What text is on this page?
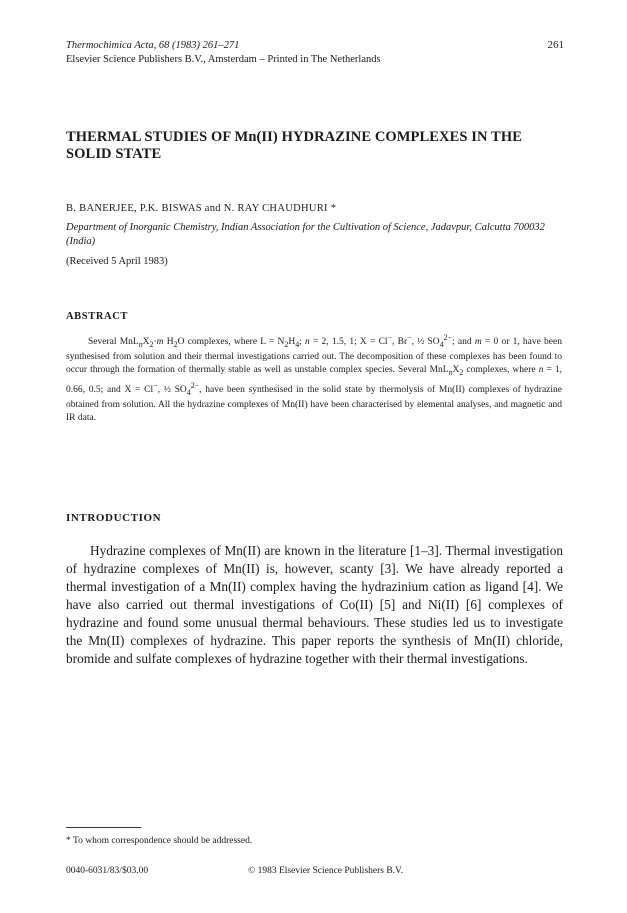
Thermochimica Acta, 68 (1983) 261–271

Elsevier Science Publishers B.V., Amsterdam – Printed in The Netherlands

261

THERMAL STUDIES OF Mn(II) HYDRAZINE COMPLEXES IN THE SOLID STATE

B. BANERJEE, P.K. BISWAS and N. RAY CHAUDHURI *

Department of Inorganic Chemistry, Indian Association for the Cultivation of Science, Jadavpur, Calcutta 700032 (India)

(Received 5 April 1983)

ABSTRACT

Several $MnL_nX_2\cdot m$ $H_2O$ complexes, where $L = N_2H_4$; n = 2, 1.5, 1; X = Cl−, Br−, ½ $SO_4^{2-}$; and m = 0 or 1, have been synthesised from solution and their thermal investigations carried out. The decomposition of these complexes has been found to occur through the formation of thermally stable as well as unstable complex species. Several $MnL_nX_2$ complexes, where n = 1, 0.66, 0.5; and X = Cl−, ½ $SO_4^{2-}$, have been synthesised in the solid state by thermolysis of Mn(II) complexes of hydrazine obtained from solution. All the hydrazine complexes of Mn(II) have been characterised by elemental analyses, and magnetic and IR data.

INTRODUCTION

Hydrazine complexes of Mn(II) are known in the literature [1–3]. Thermal investigation of hydrazine complexes of Mn(II) is, however, scanty [3]. We have already reported a thermal investigation of a Mn(II) complex having the hydrazinium cation as ligand [4]. We have also carried out thermal investigations of Co(II) [5] and Ni(II) [6] complexes of hydrazine and found some unusual thermal behaviours. These studies led us to investigate the Mn(II) complexes of hydrazine. This paper reports the synthesis of Mn(II) chloride, bromide and sulfate complexes of hydrazine together with their thermal investigations.

* To whom correspondence should be addressed.

0040-6031/83/$03.00	© 1983 Elsevier Science Publishers B.V.
